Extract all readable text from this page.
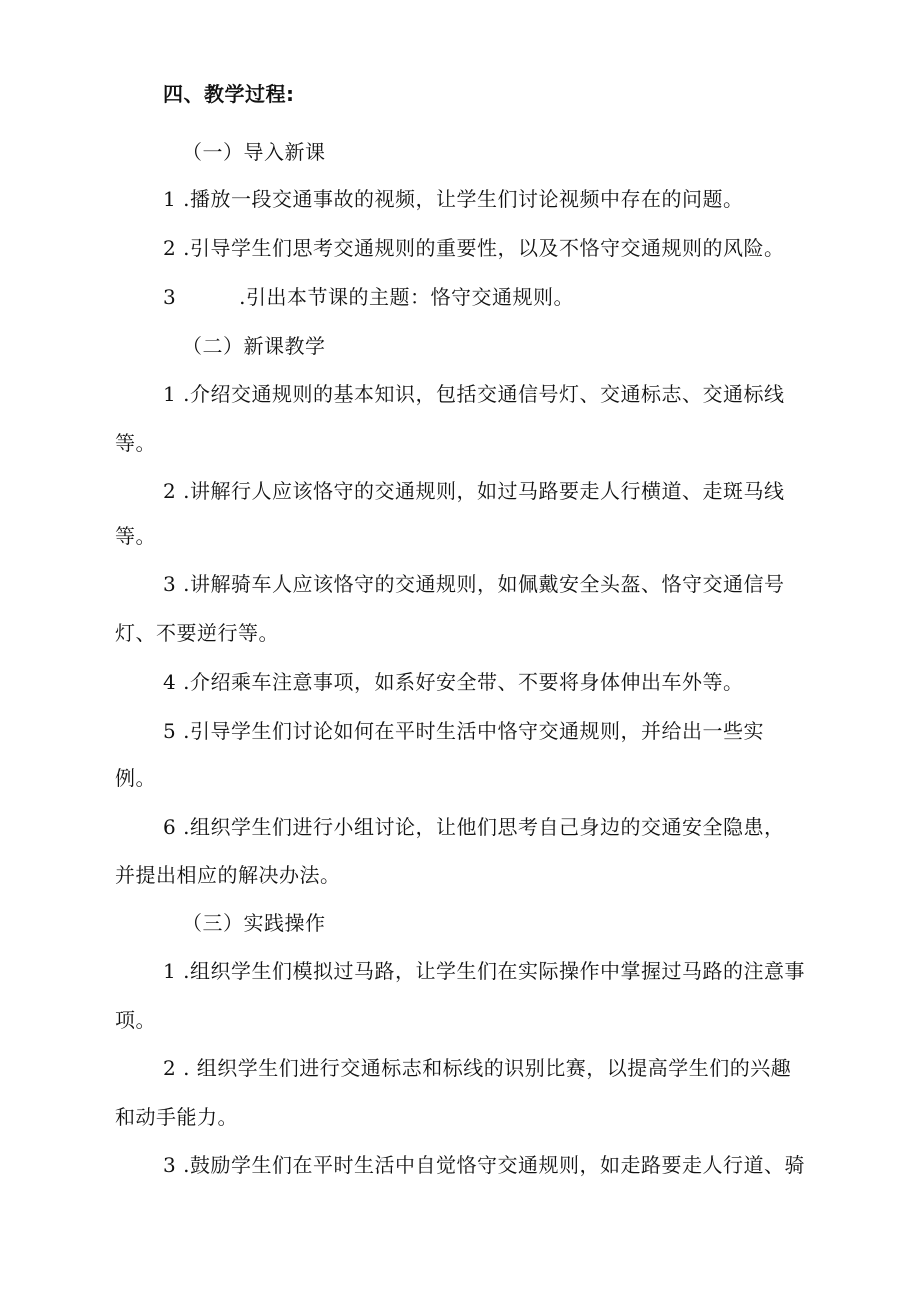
四、教学过程:
（一）导入新课
1 .播放一段交通事故的视频，让学生们讨论视频中存在的问题。
2 .引导学生们思考交通规则的重要性，以及不恪守交通规则的风险。
3	.引出本节课的主题：恪守交通规则。
（二）新课教学
1 .介绍交通规则的基本知识，包括交通信号灯、交通标志、交通标线
等。
2 .讲解行人应该恪守的交通规则，如过马路要走人行横道、走斑马线
等。
3 .讲解骑车人应该恪守的交通规则，如佩戴安全头盔、恪守交通信号
灯、不要逆行等。
4 .介绍乘车注意事项，如系好安全带、不要将身体伸出车外等。
5 .引导学生们讨论如何在平时生活中恪守交通规则，并给出一些实
例。
6 .组织学生们进行小组讨论，让他们思考自己身边的交通安全隐患，
并提出相应的解决办法。
（三）实践操作
1 .组织学生们模拟过马路，让学生们在实际操作中掌握过马路的注意事
项。
2 . 组织学生们进行交通标志和标线的识别比赛，以提高学生们的兴趣
和动手能力。
3 .鼓励学生们在平时生活中自觉恪守交通规则，如走路要走人行道、骑
